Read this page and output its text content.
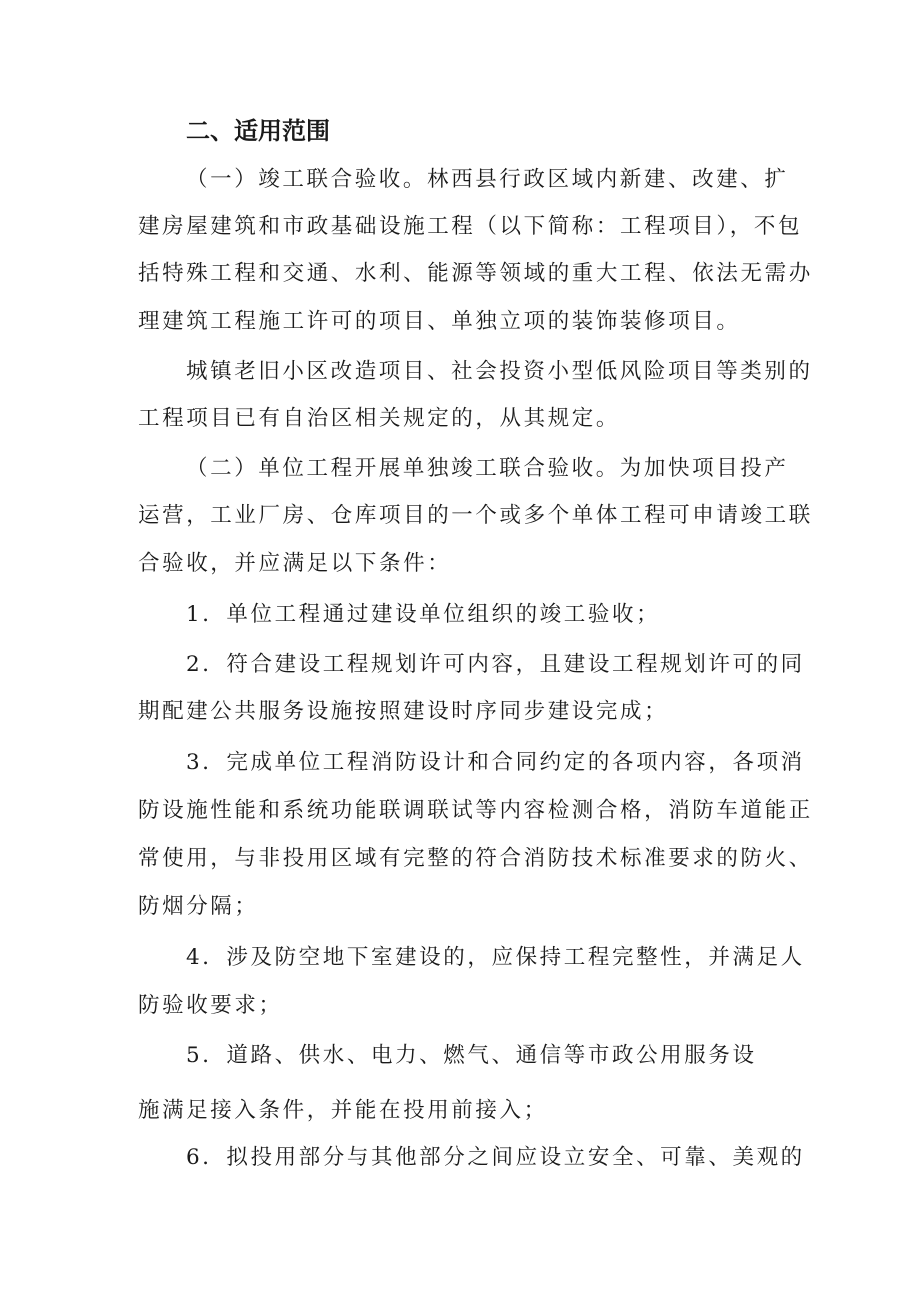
二、适用范围
（一）竣工联合验收。林西县行政区域内新建、改建、扩
建房屋建筑和市政基础设施工程（以下简称：工程项目），不包
括特殊工程和交通、水利、能源等领域的重大工程、依法无需办
理建筑工程施工许可的项目、单独立项的装饰装修项目。
城镇老旧小区改造项目、社会投资小型低风险项目等类别的
工程项目已有自治区相关规定的，从其规定。
（二）单位工程开展单独竣工联合验收。为加快项目投产
运营，工业厂房、仓库项目的一个或多个单体工程可申请竣工联
合验收，并应满足以下条件：
1．单位工程通过建设单位组织的竣工验收；
2．符合建设工程规划许可内容，且建设工程规划许可的同
期配建公共服务设施按照建设时序同步建设完成；
3．完成单位工程消防设计和合同约定的各项内容，各项消
防设施性能和系统功能联调联试等内容检测合格，消防车道能正
常使用，与非投用区域有完整的符合消防技术标准要求的防火、
防烟分隔；
4．涉及防空地下室建设的，应保持工程完整性，并满足人
防验收要求；
5．道路、供水、电力、燃气、通信等市政公用服务设
施满足接入条件，并能在投用前接入；
6．拟投用部分与其他部分之间应设立安全、可靠、美观的
